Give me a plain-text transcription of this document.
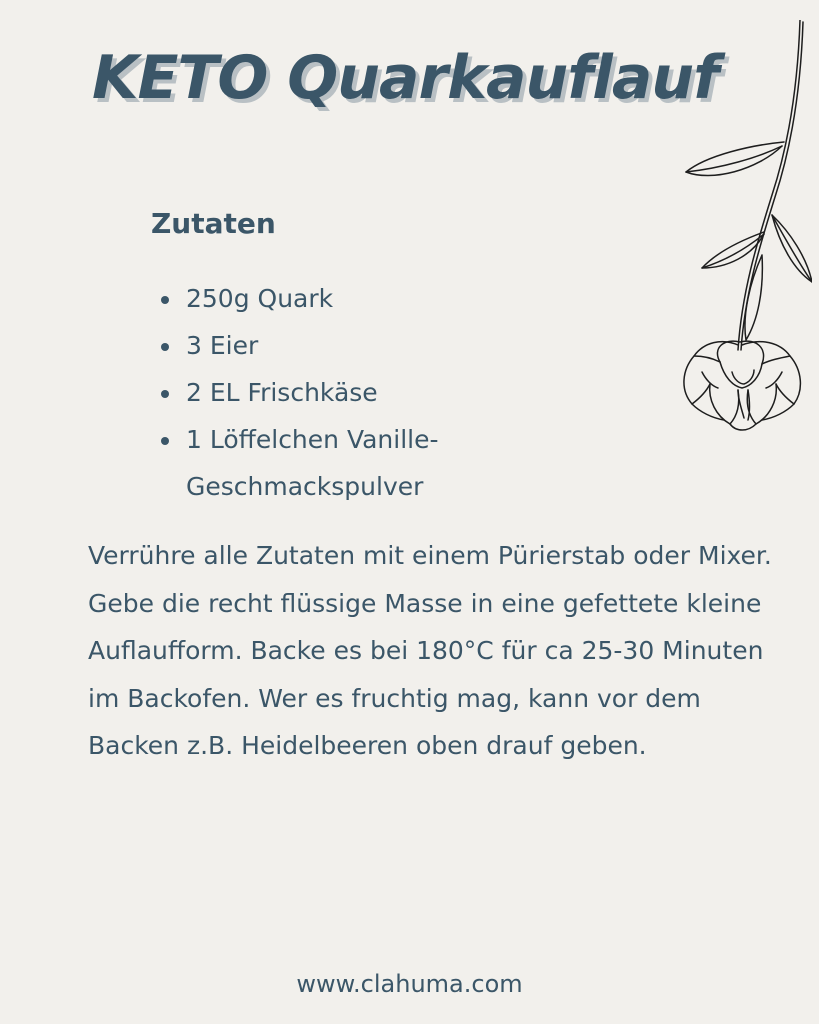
KETO Quarkauflauf
Zutaten
250g Quark
3 Eier
2 EL Frischkäse
1 Löffelchen Vanille-Geschmackspulver

Verrühre alle Zutaten mit einem Pürierstab oder Mixer. Gebe die recht flüssige Masse in eine gefettete kleine Auflaufform. Backe es bei 180°C für ca 25-30 Minuten im Backofen. Wer es fruchtig mag, kann vor dem Backen z.B. Heidelbeeren oben drauf geben.

www.clahuma.com
